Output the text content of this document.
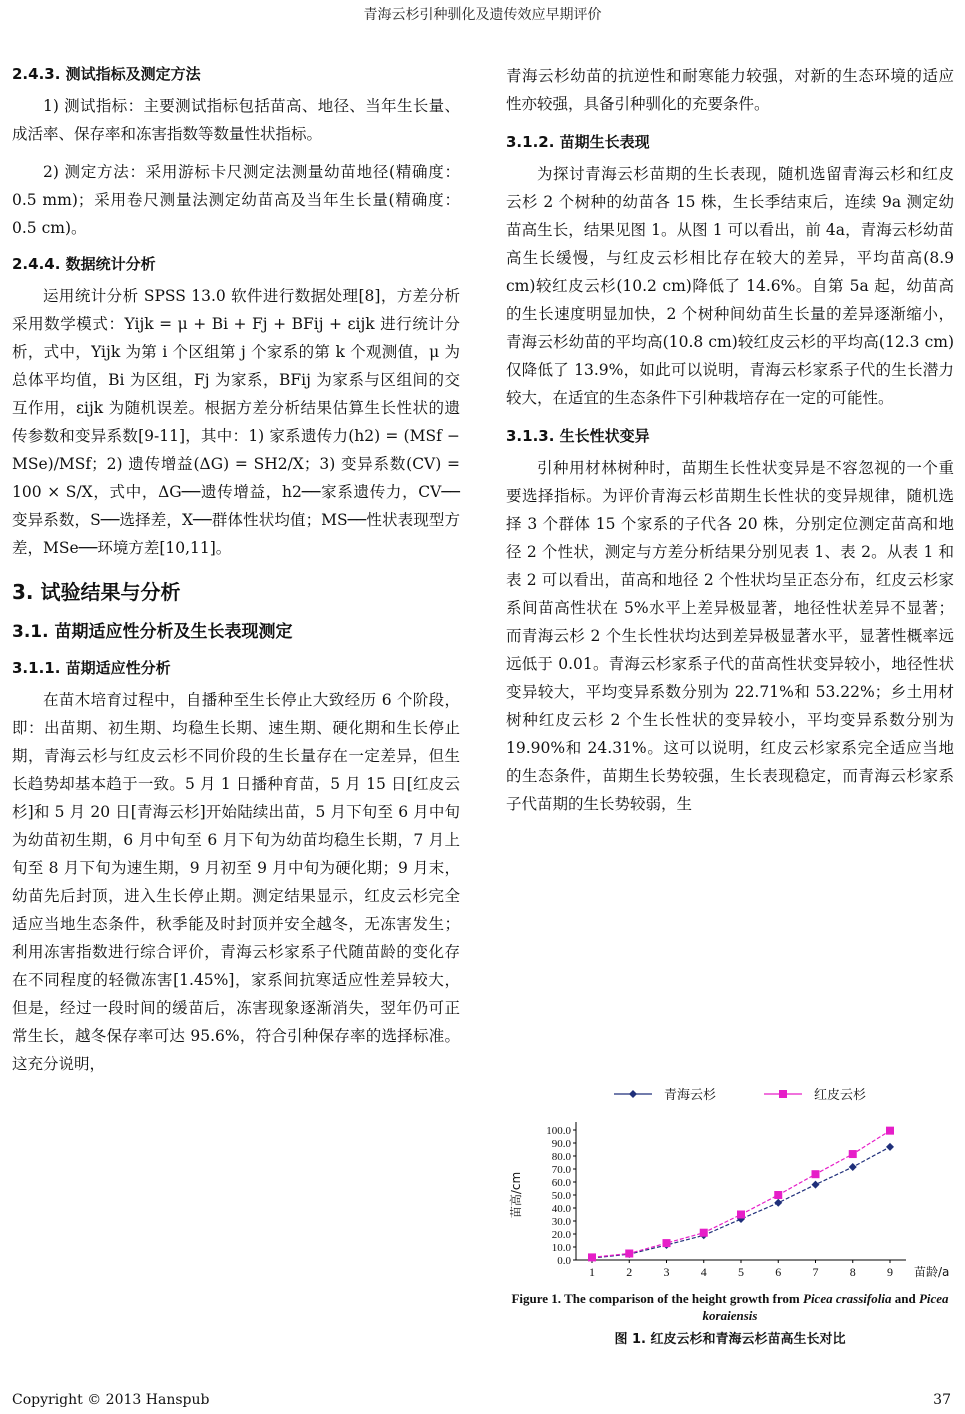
青海云杉引种驯化及遗传效应早期评价
2.4.3. 测试指标及测定方法

1) 测试指标：主要测试指标包括苗高、地径、当年生长量、成活率、保存率和冻害指数等数量性状指标。

2) 测定方法：采用游标卡尺测定法测量幼苗地径(精确度：0.5 mm)；采用卷尺测量法测定幼苗高及当年生长量(精确度：0.5 cm)。

2.4.4. 数据统计分析

运用统计分析 SPSS 13.0 软件进行数据处理[8]，方差分析采用数学模式：Yijk = μ + Bi + Fj + BFij + εijk 进行统计分析，式中，Yijk 为第 i 个区组第 j 个家系的第 k 个观测值，μ 为总体平均值，Bi 为区组，Fj 为家系，BFij 为家系与区组间的交互作用，εijk 为随机误差。根据方差分析结果估算生长性状的遗传参数和变异系数[9-11]，其中：1) 家系遗传力(h2) = (MSf − MSe)/MSf；2) 遗传增益(ΔG) = SH2/X；3) 变异系数(CV) = 100 × S/X，式中，ΔG──遗传增益，h2──家系遗传力，CV──变异系数，S──选择差，X──群体性状均值；MS──性状表现型方差，MSe──环境方差[10,11]。

3. 试验结果与分析
3.1. 苗期适应性分析及生长表现测定
3.1.1. 苗期适应性分析

在苗木培育过程中，自播种至生长停止大致经历 6 个阶段，即：出苗期、初生期、均稳生长期、速生期、硬化期和生长停止期，青海云杉与红皮云杉不同价段的生长量存在一定差异，但生长趋势却基本趋于一致。5 月 1 日播种育苗，5 月 15 日[红皮云杉]和 5 月 20 日[青海云杉]开始陆续出苗，5 月下旬至 6 月中旬为幼苗初生期，6 月中旬至 6 月下旬为幼苗均稳生长期，7 月上旬至 8 月下旬为速生期，9 月初至 9 月中旬为硬化期；9 月末，幼苗先后封顶，进入生长停止期。测定结果显示，红皮云杉完全适应当地生态条件，秋季能及时封顶并安全越冬，无冻害发生；利用冻害指数进行综合评价，青海云杉家系子代随苗龄的变化存在不同程度的轻微冻害[1.45%]，家系间抗寒适应性差异较大，但是，经过一段时间的缓苗后，冻害现象逐渐消失，翌年仍可正常生长，越冬保存率可达 95.6%，符合引种保存率的选择标准。这充分说明，

青海云杉幼苗的抗逆性和耐寒能力较强，对新的生态环境的适应性亦较强，具备引种驯化的充要条件。

3.1.2. 苗期生长表现

为探讨青海云杉苗期的生长表现，随机选留青海云杉和红皮云杉 2 个树种的幼苗各 15 株，生长季结束后，连续 9a 测定幼苗高生长，结果见图 1。从图 1 可以看出，前 4a，青海云杉幼苗高生长缓慢，与红皮云杉相比存在较大的差异，平均苗高(8.9 cm)较红皮云杉(10.2 cm)降低了 14.6%。自第 5a 起，幼苗高的生长速度明显加快，2 个树种间幼苗生长量的差异逐渐缩小，青海云杉幼苗的平均高(10.8 cm)较红皮云杉的平均高(12.3 cm)仅降低了 13.9%，如此可以说明，青海云杉家系子代的生长潜力较大，在适宜的生态条件下引种栽培存在一定的可能性。

3.1.3. 生长性状变异

引种用材林树种时，苗期生长性状变异是不容忽视的一个重要选择指标。为评价青海云杉苗期生长性状的变异规律，随机选择 3 个群体 15 个家系的子代各 20 株，分别定位测定苗高和地径 2 个性状，测定与方差分析结果分别见表 1、表 2。从表 1 和表 2 可以看出，苗高和地径 2 个性状均呈正态分布，红皮云杉家系间苗高性状在 5%水平上差异极显著，地径性状差异不显著；而青海云杉 2 个生长性状均达到差异极显著水平，显著性概率远远低于 0.01。青海云杉家系子代的苗高性状变异较小，地径性状变异较大，平均变异系数分别为 22.71%和 53.22%；乡土用材树种红皮云杉 2 个生长性状的变异较小，平均变异系数分别为 19.90%和 24.31%。这可以说明，红皮云杉家系完全适应当地的生态条件，苗期生长势较强，生长表现稳定，而青海云杉家系子代苗期的生长势较弱，生

青海云杉	红皮云杉
0.0
10.0
20.0
30.0
40.0
50.0
60.0
70.0
80.0
90.0
100.0
1	2	3	4	5	6	7	8	9
苗高/cm
苗龄/a
Figure 1. The comparison of the height growth from Picea crassifolia and Picea koraiensis
图 1. 红皮云杉和青海云杉苗高生长对比
Copyright © 2013 Hanspub	37
